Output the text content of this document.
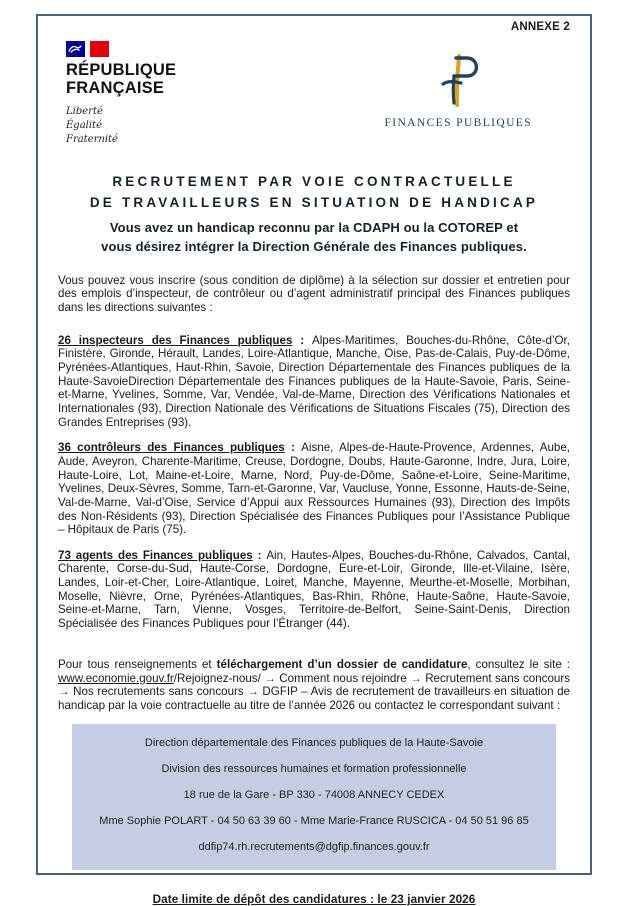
ANNEXE 2
RÉPUBLIQUE
FRANÇAISE
Liberté
Égalité
Fraternité
FINANCES PUBLIQUES
RECRUTEMENT PAR VOIE CONTRACTUELLE
DE TRAVAILLEURS EN SITUATION DE HANDICAP
Vous avez un handicap reconnu par la CDAPH ou la COTOREP et
vous désirez intégrer la Direction Générale des Finances publiques.

Vous pouvez vous inscrire (sous condition de diplôme) à la sélection sur dossier et entretien pour des emplois d’inspecteur, de contrôleur ou d’agent administratif principal des Finances publiques dans les directions suivantes :

26 inspecteurs des Finances publiques : Alpes-Maritimes, Bouches-du-Rhône, Côte-d’Or, Finistère, Gironde, Hérault, Landes, Loire-Atlantique, Manche, Oise, Pas-de-Calais, Puy-de-Dôme, Pyrénées-Atlantiques, Haut-Rhin, Savoie, Direction Départementale des Finances publiques de la Haute-SavoieDirection Départementale des Finances publiques de la Haute-Savoie, Paris, Seine-et-Marne, Yvelines, Somme, Var, Vendée, Val-de-Marne, Direction des Vérifications Nationales et Internationales (93), Direction Nationale des Vérifications de Situations Fiscales (75), Direction des Grandes Entreprises (93).

36 contrôleurs des Finances publiques : Aisne, Alpes-de-Haute-Provence, Ardennes, Aube, Aude, Aveyron, Charente-Maritime, Creuse, Dordogne, Doubs, Haute-Garonne, Indre, Jura, Loire, Haute-Loire, Lot, Maine-et-Loire, Marne, Nord, Puy-de-Dôme, Saône-et-Loire, Seine-Maritime, Yvelines, Deux-Sèvres, Somme, Tarn-et-Garonne, Var, Vaucluse, Yonne, Essonne, Hauts-de-Seine, Val-de-Marne, Val-d’Oise, Service d’Appui aux Ressources Humaines (93), Direction des Impôts des Non-Résidents (93), Direction Spécialisée des Finances Publiques pour l’Assistance Publique – Hôpitaux de Paris (75).

73 agents des Finances publiques : Ain, Hautes-Alpes, Bouches-du-Rhône, Calvados, Cantal, Charente, Corse-du-Sud, Haute-Corse, Dordogne, Eure-et-Loir, Gironde, Ille-et-Vilaine, Isère, Landes, Loir-et-Cher, Loire-Atlantique, Loiret, Manche, Mayenne, Meurthe-et-Moselle, Morbihan, Moselle, Nièvre, Orne, Pyrénées-Atlantiques, Bas-Rhin, Rhône, Haute-Saône, Haute-Savoie, Seine-et-Marne, Tarn, Vienne, Vosges, Territoire-de-Belfort, Seine-Saint-Denis, Direction Spécialisée des Finances Publiques pour l’Étranger (44).

Pour tous renseignements et téléchargement d’un dossier de candidature, consultez le site : www.economie.gouv.fr/Rejoignez-nous/ → Comment nous rejoindre → Recrutement sans concours → Nos recrutements sans concours → DGFIP – Avis de recrutement de travailleurs en situation de handicap par la voie contractuelle au titre de l’année 2026 ou contactez le correspondant suivant :

Direction départementale des Finances publiques de la Haute-Savoie
Division des ressources humaines et formation professionnelle
18 rue de la Gare - BP 330 - 74008 ANNECY CEDEX
Mme Sophie POLART - 04 50 63 39 60 - Mme Marie-France RUSCICA - 04 50 51 96 85
ddfip74.rh.recrutements@dgfip.finances.gouv.fr
Date limite de dépôt des candidatures : le 23 janvier 2026
